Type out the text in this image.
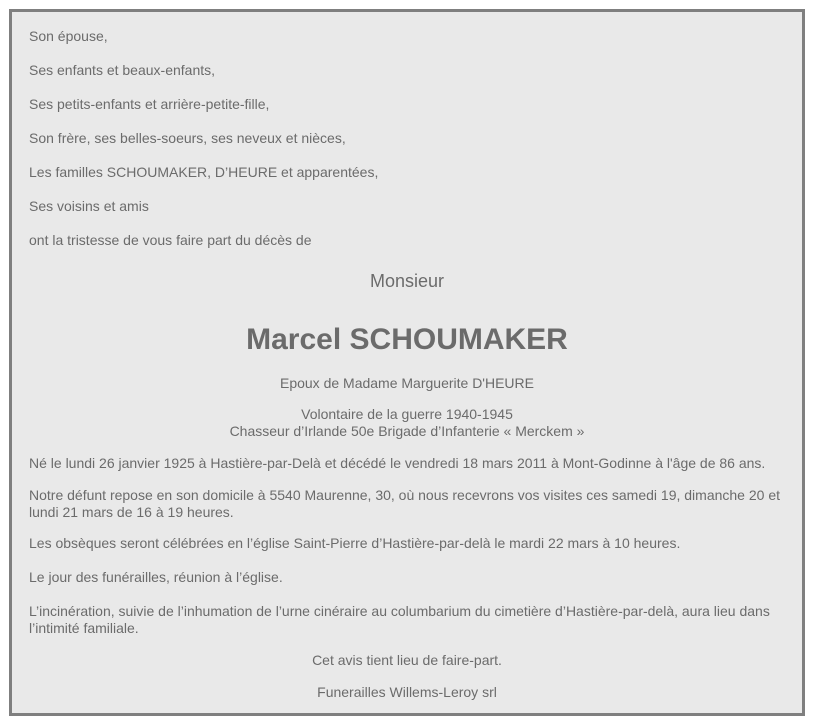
Son épouse,

Ses enfants et beaux-enfants,

Ses petits-enfants et arrière-petite-fille,

Son frère, ses belles-soeurs, ses neveux et nièces,

Les familles SCHOUMAKER, D’HEURE et apparentées,

Ses voisins et amis

ont la tristesse de vous faire part du décès de

Monsieur

Marcel SCHOUMAKER

Epoux de Madame Marguerite D'HEURE

Volontaire de la guerre 1940-1945

Chasseur d’Irlande 50e Brigade d’Infanterie « Merckem »

Né le lundi 26 janvier 1925 à Hastière-par-Delà et décédé le vendredi 18 mars 2011 à Mont-Godinne à l'âge de 86 ans.

Notre défunt repose en son domicile à 5540 Maurenne, 30, où nous recevrons vos visites ces samedi 19, dimanche 20 et lundi 21 mars de 16 à 19 heures.

Les obsèques seront célébrées en l’église Saint-Pierre d’Hastière-par-delà le mardi 22 mars à 10 heures.

Le jour des funérailles, réunion à l’église.

L’incinération, suivie de l’inhumation de l’urne cinéraire au columbarium du cimetière d’Hastière-par-delà, aura lieu dans l’intimité familiale.

Cet avis tient lieu de faire-part.

Funerailles Willems-Leroy srl
